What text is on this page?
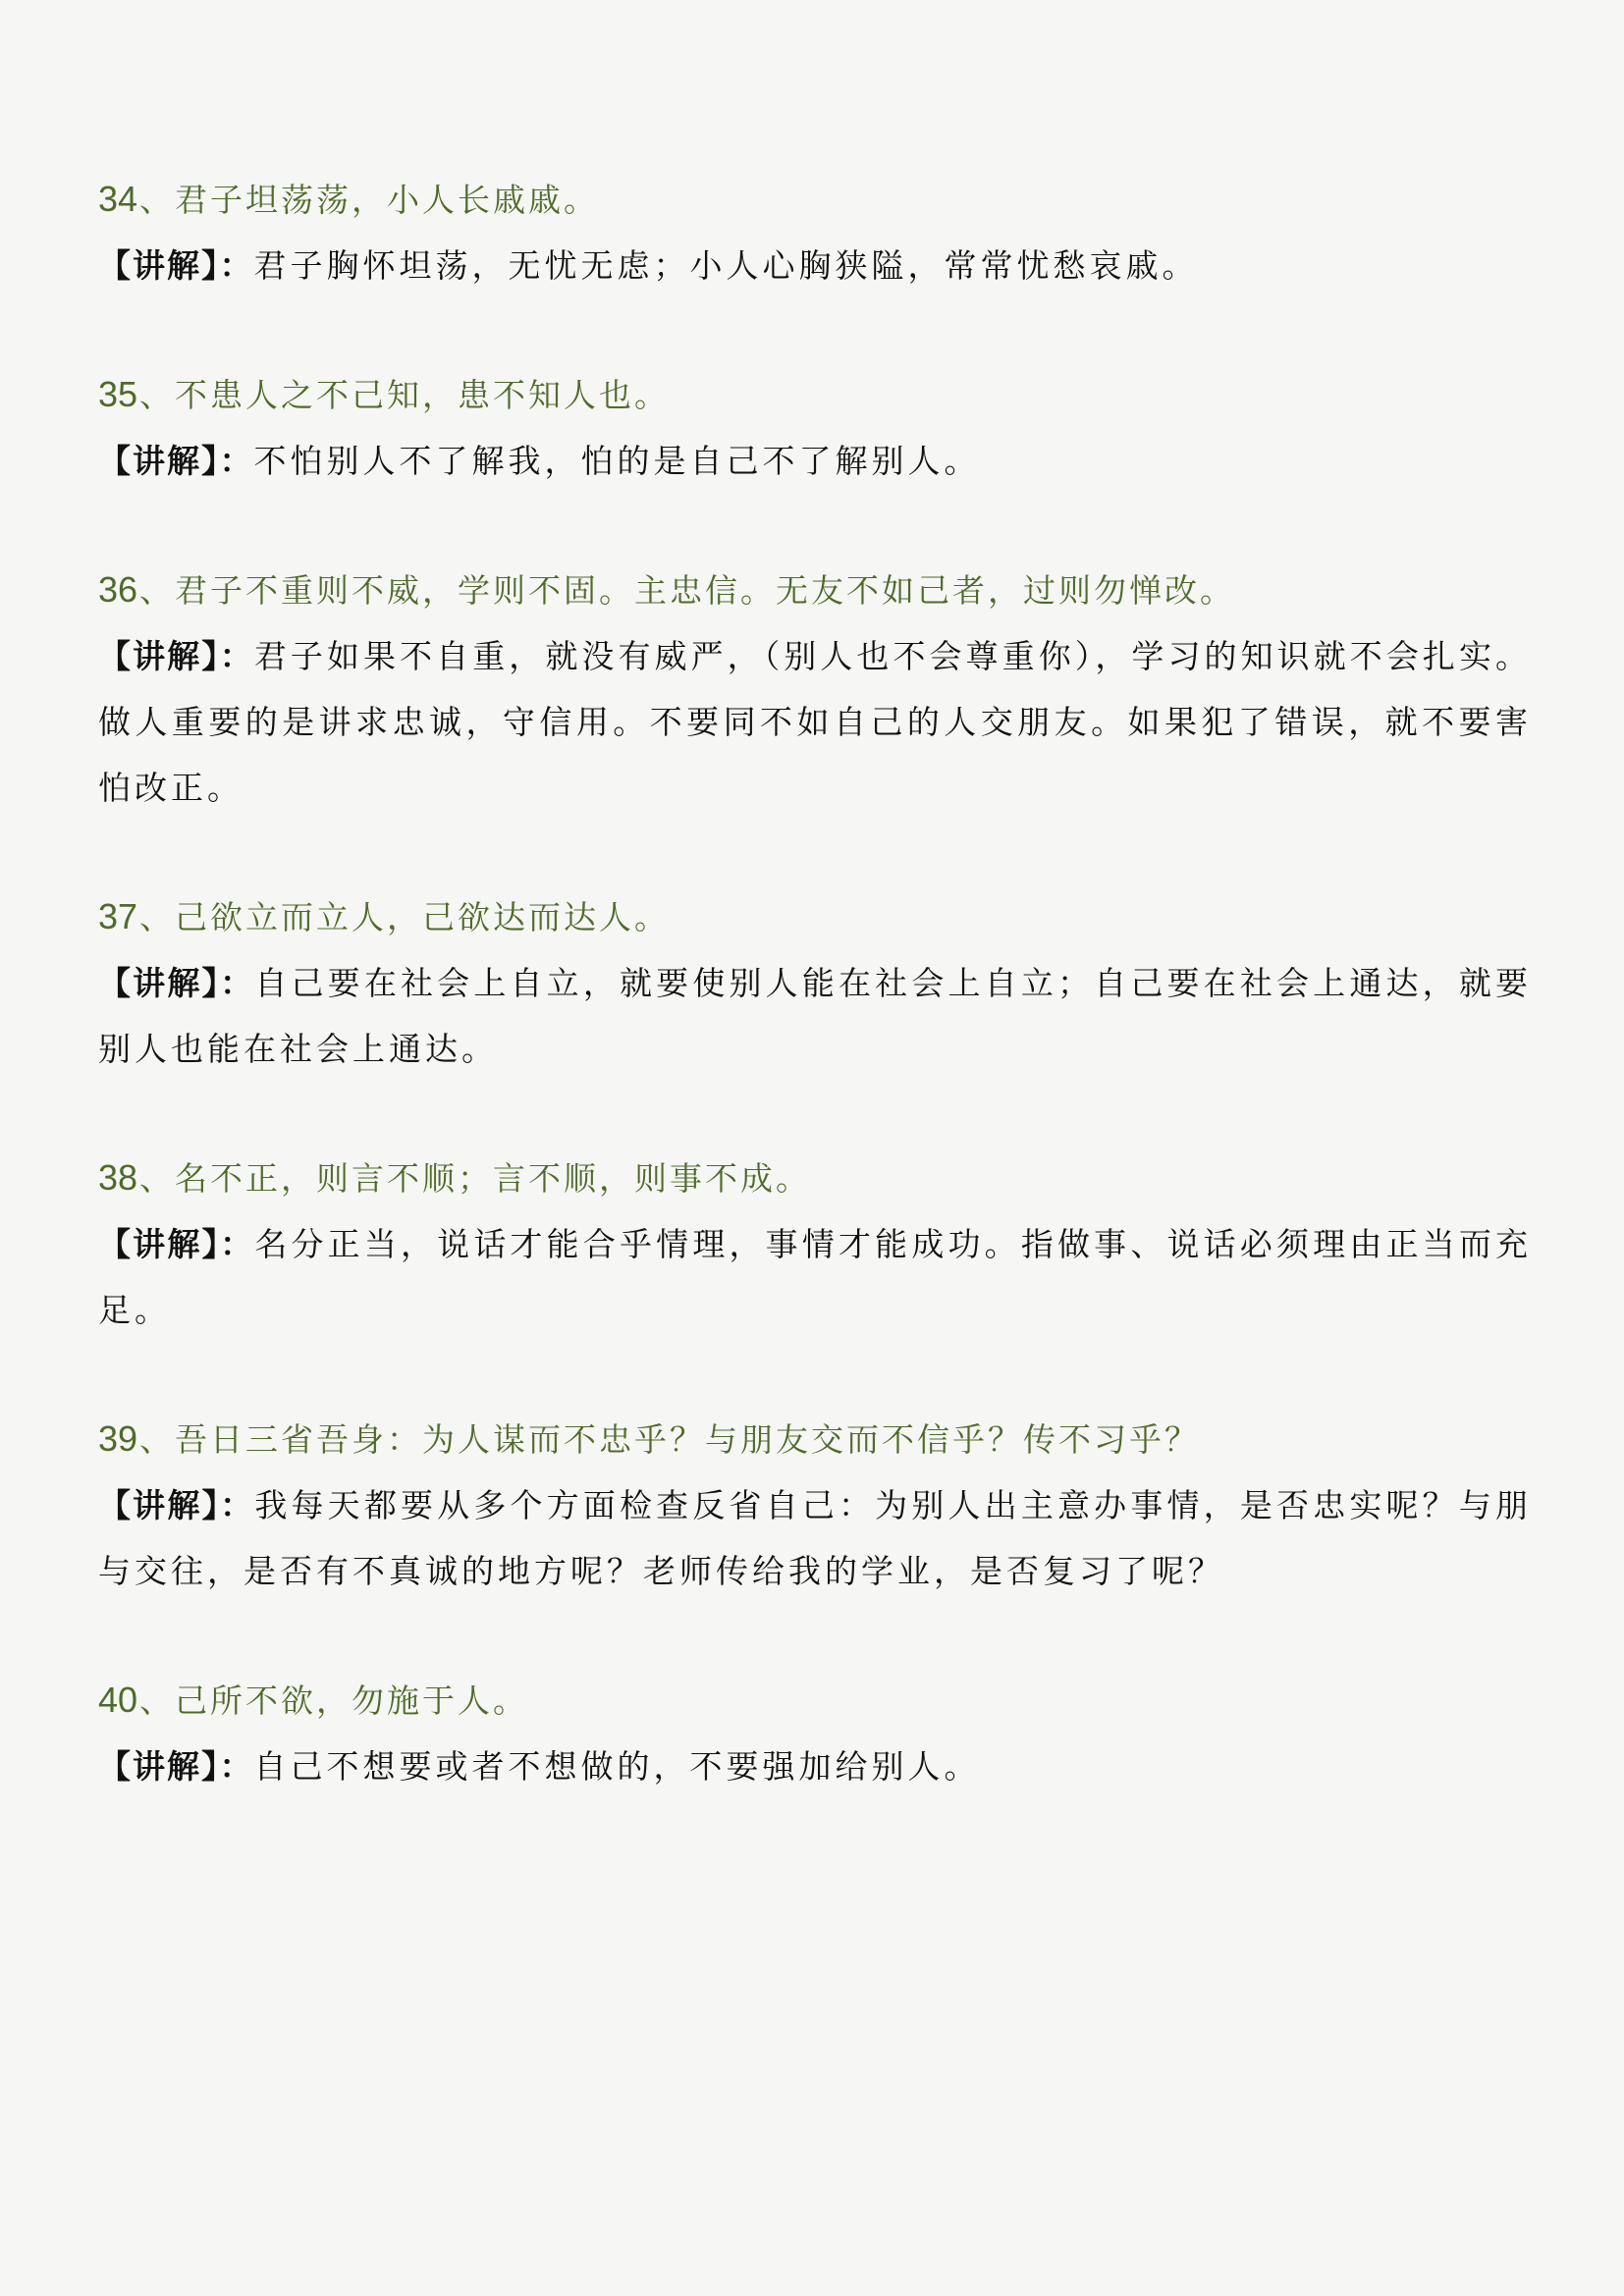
34、君子坦荡荡，小人长戚戚。
【讲解】：君子胸怀坦荡，无忧无虑；小人心胸狭隘，常常忧愁哀戚。
35、不患人之不己知，患不知人也。
【讲解】：不怕别人不了解我，怕的是自己不了解别人。
36、君子不重则不威，学则不固。主忠信。无友不如己者，过则勿惮改。
【讲解】：君子如果不自重，就没有威严，（别人也不会尊重你），学习的知识就不会扎实。做人重要的是讲求忠诚，守信用。不要同不如自己的人交朋友。如果犯了错误，就不要害怕改正。
37、己欲立而立人，己欲达而达人。
【讲解】：自己要在社会上自立，就要使别人能在社会上自立；自己要在社会上通达，就要别人也能在社会上通达。
38、名不正，则言不顺；言不顺，则事不成。
【讲解】：名分正当，说话才能合乎情理，事情才能成功。指做事、说话必须理由正当而充足。
39、吾日三省吾身：为人谋而不忠乎？与朋友交而不信乎？传不习乎？
【讲解】：我每天都要从多个方面检查反省自己：为别人出主意办事情，是否忠实呢？与朋与交往，是否有不真诚的地方呢？老师传给我的学业，是否复习了呢？
40、己所不欲，勿施于人。
【讲解】：自己不想要或者不想做的，不要强加给别人。
